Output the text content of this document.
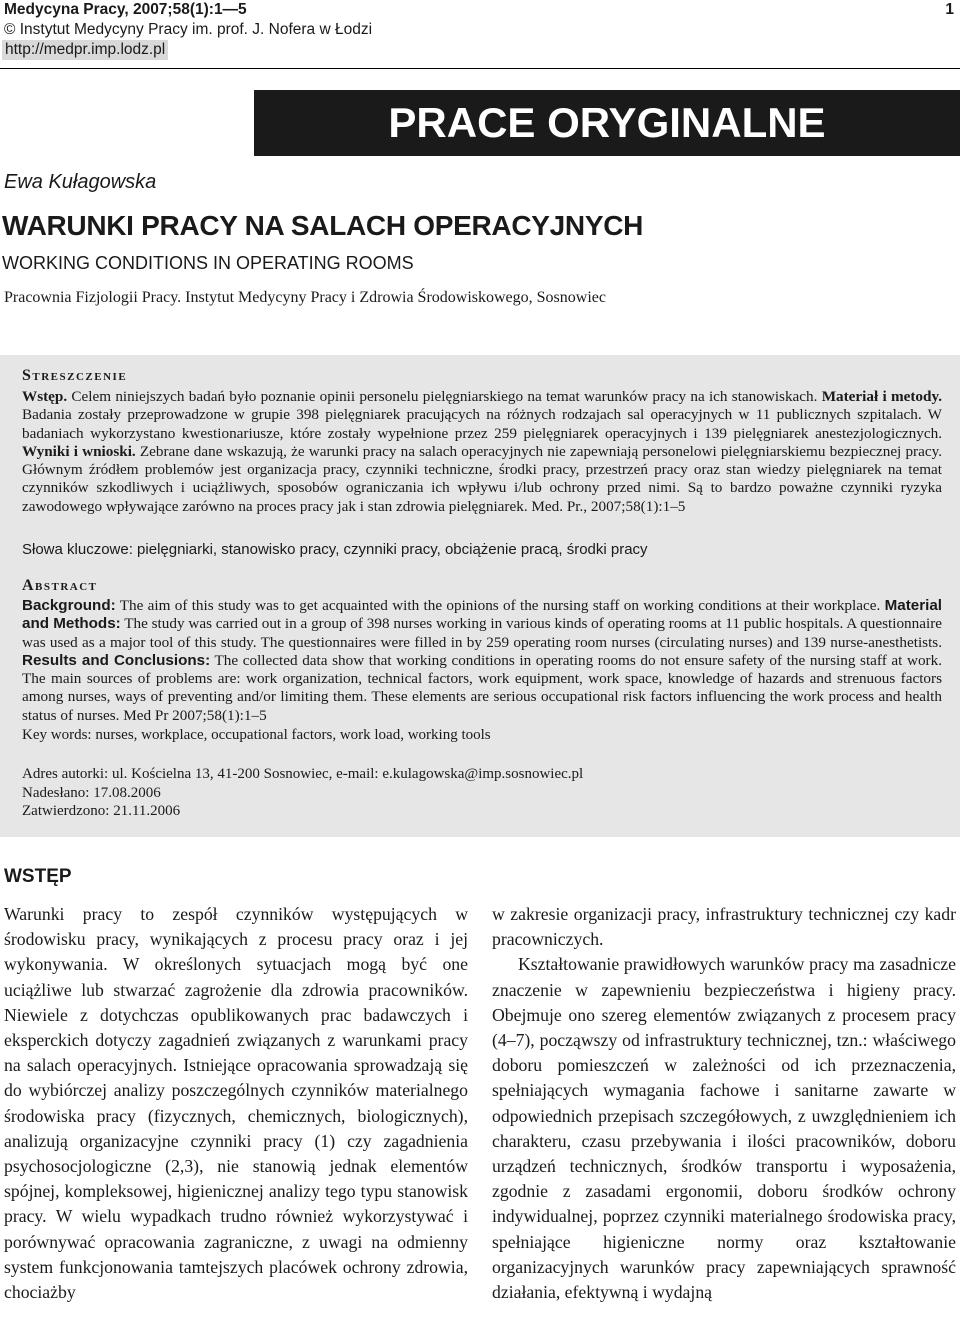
Medycyna Pracy, 2007;58(1):1—5	1
© Instytut Medycyny Pracy im. prof. J. Nofera w Łodzi
http://medpr.imp.lodz.pl
PRACE ORYGINALNE
Ewa Kułagowska
WARUNKI PRACY NA SALACH OPERACYJNYCH
WORKING CONDITIONS IN OPERATING ROOMS
Pracownia Fizjologii Pracy. Instytut Medycyny Pracy i Zdrowia Środowiskowego, Sosnowiec
Streszczenie

Wstęp. Celem niniejszych badań było poznanie opinii personelu pielęgniarskiego na temat warunków pracy na ich stanowiskach. Materiał i metody. Badania zostały przeprowadzone w grupie 398 pielęgniarek pracujących na różnych rodzajach sal operacyjnych w 11 publicznych szpitalach. W badaniach wykorzystano kwestionariusze, które zostały wypełnione przez 259 pielęgniarek operacyjnych i 139 pielęgniarek anestezjologicznych. Wyniki i wnioski. Zebrane dane wskazują, że warunki pracy na salach operacyjnych nie zapewniają personelowi pielęgniarskiemu bezpiecznej pracy. Głównym źródłem problemów jest organizacja pracy, czynniki techniczne, środki pracy, przestrzeń pracy oraz stan wiedzy pielęgniarek na temat czynników szkodliwych i uciążliwych, sposobów ograniczania ich wpływu i/lub ochrony przed nimi. Są to bardzo poważne czynniki ryzyka zawodowego wpływające zarówno na proces pracy jak i stan zdrowia pielęgniarek. Med. Pr., 2007;58(1):1–5

Słowa kluczowe: pielęgniarki, stanowisko pracy, czynniki pracy, obciążenie pracą, środki pracy
Abstract

Background: The aim of this study was to get acquainted with the opinions of the nursing staff on working conditions at their workplace. Material and Methods: The study was carried out in a group of 398 nurses working in various kinds of operating rooms at 11 public hospitals. A questionnaire was used as a major tool of this study. The questionnaires were filled in by 259 operating room nurses (circulating nurses) and 139 nurse-anesthetists. Results and Conclusions: The collected data show that working conditions in operating rooms do not ensure safety of the nursing staff at work. The main sources of problems are: work organization, technical factors, work equipment, work space, knowledge of hazards and strenuous factors among nurses, ways of preventing and/or limiting them. These elements are serious occupational risk factors influencing the work process and health status of nurses. Med Pr 2007;58(1):1–5

Key words: nurses, workplace, occupational factors, work load, working tools
Adres autorki: ul. Kościelna 13, 41-200 Sosnowiec, e-mail: e.kulagowska@imp.sosnowiec.pl
Nadesłano: 17.08.2006
Zatwierdzono: 21.11.2006
WSTĘP

Warunki pracy to zespół czynników występujących w środowisku pracy, wynikających z procesu pracy oraz i jej wykonywania. W określonych sytuacjach mogą być one uciążliwe lub stwarzać zagrożenie dla zdrowia pracowników. Niewiele z dotychczas opublikowanych prac badawczych i eksperckich dotyczy zagadnień związanych z warunkami pracy na salach operacyjnych. Istniejące opracowania sprowadzają się do wybiórczej analizy poszczególnych czynników materialnego środowiska pracy (fizycznych, chemicznych, biologicznych), analizują organizacyjne czynniki pracy (1) czy zagadnienia psychosocjologiczne (2,3), nie stanowią jednak elementów spójnej, kompleksowej, higienicznej analizy tego typu stanowisk pracy. W wielu wypadkach trudno również wykorzystywać i porównywać opracowania zagraniczne, z uwagi na odmienny system funkcjonowania tamtejszych placówek ochrony zdrowia, chociażby

w zakresie organizacji pracy, infrastruktury technicznej czy kadr pracowniczych.

Kształtowanie prawidłowych warunków pracy ma zasadnicze znaczenie w zapewnieniu bezpieczeństwa i higieny pracy. Obejmuje ono szereg elementów związanych z procesem pracy (4–7), począwszy od infrastruktury technicznej, tzn.: właściwego doboru pomieszczeń w zależności od ich przeznaczenia, spełniających wymagania fachowe i sanitarne zawarte w odpowiednich przepisach szczegółowych, z uwzględnieniem ich charakteru, czasu przebywania i ilości pracowników, doboru urządzeń technicznych, środków transportu i wyposażenia, zgodnie z zasadami ergonomii, doboru środków ochrony indywidualnej, poprzez czynniki materialnego środowiska pracy, spełniające higieniczne normy oraz kształtowanie organizacyjnych warunków pracy zapewniających sprawność działania, efektywną i wydajną
